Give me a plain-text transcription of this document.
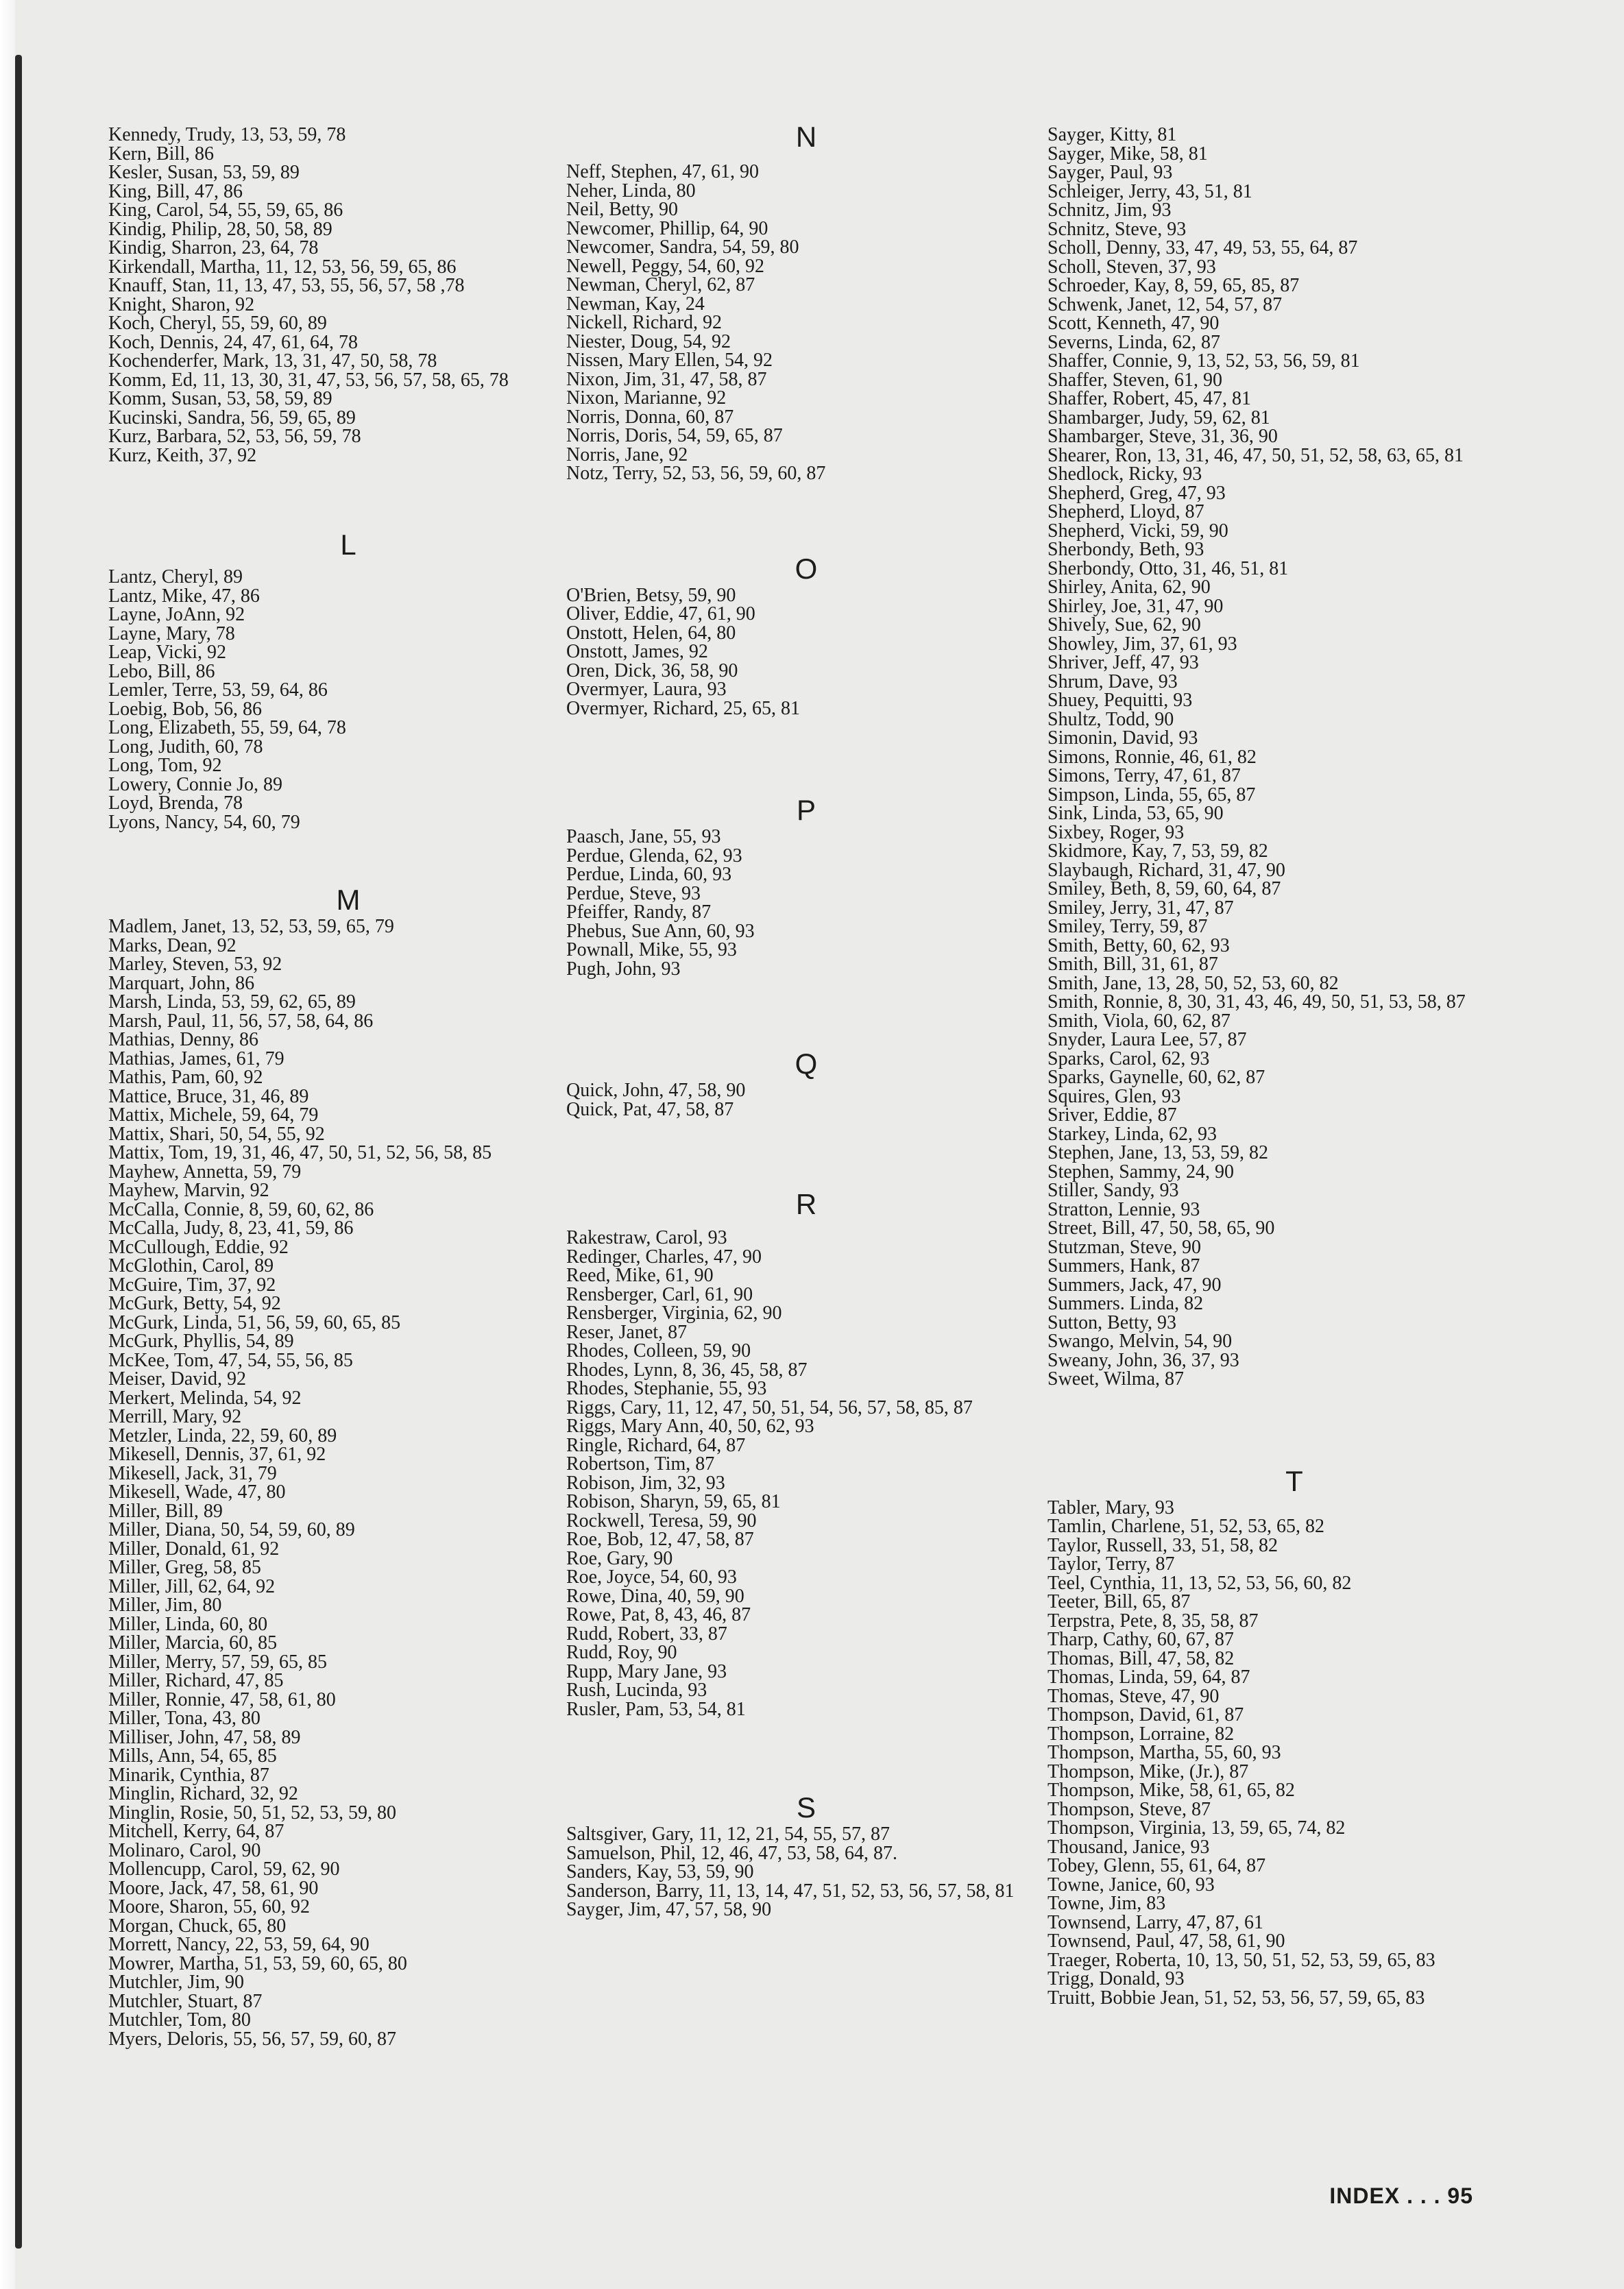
Kennedy, Trudy, 13, 53, 59, 78
Kern, Bill, 86
Kesler, Susan, 53, 59, 89
King, Bill, 47, 86
King, Carol, 54, 55, 59, 65, 86
Kindig, Philip, 28, 50, 58, 89
Kindig, Sharron, 23, 64, 78
Kirkendall, Martha, 11, 12, 53, 56, 59, 65, 86
Knauff, Stan, 11, 13, 47, 53, 55, 56, 57, 58 ,78
Knight, Sharon, 92
Koch, Cheryl, 55, 59, 60, 89
Koch, Dennis, 24, 47, 61, 64, 78
Kochenderfer, Mark, 13, 31, 47, 50, 58, 78
Komm, Ed, 11, 13, 30, 31, 47, 53, 56, 57, 58, 65, 78
Komm, Susan, 53, 58, 59, 89
Kucinski, Sandra, 56, 59, 65, 89
Kurz, Barbara, 52, 53, 56, 59, 78
Kurz, Keith, 37, 92
L
Lantz, Cheryl, 89
Lantz, Mike, 47, 86
Layne, JoAnn, 92
Layne, Mary, 78
Leap, Vicki, 92
Lebo, Bill, 86
Lemler, Terre, 53, 59, 64, 86
Loebig, Bob, 56, 86
Long, Elizabeth, 55, 59, 64, 78
Long, Judith, 60, 78
Long, Tom, 92
Lowery, Connie Jo, 89
Loyd, Brenda, 78
Lyons, Nancy, 54, 60, 79
M
Madlem, Janet, 13, 52, 53, 59, 65, 79
Marks, Dean, 92
Marley, Steven, 53, 92
Marquart, John, 86
Marsh, Linda, 53, 59, 62, 65, 89
Marsh, Paul, 11, 56, 57, 58, 64, 86
Mathias, Denny, 86
Mathias, James, 61, 79
Mathis, Pam, 60, 92
Mattice, Bruce, 31, 46, 89
Mattix, Michele, 59, 64, 79
Mattix, Shari, 50, 54, 55, 92
Mattix, Tom, 19, 31, 46, 47, 50, 51, 52, 56, 58, 85
Mayhew, Annetta, 59, 79
Mayhew, Marvin, 92
McCalla, Connie, 8, 59, 60, 62, 86
McCalla, Judy, 8, 23, 41, 59, 86
McCullough, Eddie, 92
McGlothin, Carol, 89
McGuire, Tim, 37, 92
McGurk, Betty, 54, 92
McGurk, Linda, 51, 56, 59, 60, 65, 85
McGurk, Phyllis, 54, 89
McKee, Tom, 47, 54, 55, 56, 85
Meiser, David, 92
Merkert, Melinda, 54, 92
Merrill, Mary, 92
Metzler, Linda, 22, 59, 60, 89
Mikesell, Dennis, 37, 61, 92
Mikesell, Jack, 31, 79
Mikesell, Wade, 47, 80
Miller, Bill, 89
Miller, Diana, 50, 54, 59, 60, 89
Miller, Donald, 61, 92
Miller, Greg, 58, 85
Miller, Jill, 62, 64, 92
Miller, Jim, 80
Miller, Linda, 60, 80
Miller, Marcia, 60, 85
Miller, Merry, 57, 59, 65, 85
Miller, Richard, 47, 85
Miller, Ronnie, 47, 58, 61, 80
Miller, Tona, 43, 80
Milliser, John, 47, 58, 89
Mills, Ann, 54, 65, 85
Minarik, Cynthia, 87
Minglin, Richard, 32, 92
Minglin, Rosie, 50, 51, 52, 53, 59, 80
Mitchell, Kerry, 64, 87
Molinaro, Carol, 90
Mollencupp, Carol, 59, 62, 90
Moore, Jack, 47, 58, 61, 90
Moore, Sharon, 55, 60, 92
Morgan, Chuck, 65, 80
Morrett, Nancy, 22, 53, 59, 64, 90
Mowrer, Martha, 51, 53, 59, 60, 65, 80
Mutchler, Jim, 90
Mutchler, Stuart, 87
Mutchler, Tom, 80
Myers, Deloris, 55, 56, 57, 59, 60, 87
N
Neff, Stephen, 47, 61, 90
Neher, Linda, 80
Neil, Betty, 90
Newcomer, Phillip, 64, 90
Newcomer, Sandra, 54, 59, 80
Newell, Peggy, 54, 60, 92
Newman, Cheryl, 62, 87
Newman, Kay, 24
Nickell, Richard, 92
Niester, Doug, 54, 92
Nissen, Mary Ellen, 54, 92
Nixon, Jim, 31, 47, 58, 87
Nixon, Marianne, 92
Norris, Donna, 60, 87
Norris, Doris, 54, 59, 65, 87
Norris, Jane, 92
Notz, Terry, 52, 53, 56, 59, 60, 87
O
O'Brien, Betsy, 59, 90
Oliver, Eddie, 47, 61, 90
Onstott, Helen, 64, 80
Onstott, James, 92
Oren, Dick, 36, 58, 90
Overmyer, Laura, 93
Overmyer, Richard, 25, 65, 81
P
Paasch, Jane, 55, 93
Perdue, Glenda, 62, 93
Perdue, Linda, 60, 93
Perdue, Steve, 93
Pfeiffer, Randy, 87
Phebus, Sue Ann, 60, 93
Pownall, Mike, 55, 93
Pugh, John, 93
Q
Quick, John, 47, 58, 90
Quick, Pat, 47, 58, 87
R
Rakestraw, Carol, 93
Redinger, Charles, 47, 90
Reed, Mike, 61, 90
Rensberger, Carl, 61, 90
Rensberger, Virginia, 62, 90
Reser, Janet, 87
Rhodes, Colleen, 59, 90
Rhodes, Lynn, 8, 36, 45, 58, 87
Rhodes, Stephanie, 55, 93
Riggs, Cary, 11, 12, 47, 50, 51, 54, 56, 57, 58, 85, 87
Riggs, Mary Ann, 40, 50, 62, 93
Ringle, Richard, 64, 87
Robertson, Tim, 87
Robison, Jim, 32, 93
Robison, Sharyn, 59, 65, 81
Rockwell, Teresa, 59, 90
Roe, Bob, 12, 47, 58, 87
Roe, Gary, 90
Roe, Joyce, 54, 60, 93
Rowe, Dina, 40, 59, 90
Rowe, Pat, 8, 43, 46, 87
Rudd, Robert, 33, 87
Rudd, Roy, 90
Rupp, Mary Jane, 93
Rush, Lucinda, 93
Rusler, Pam, 53, 54, 81
S
Saltsgiver, Gary, 11, 12, 21, 54, 55, 57, 87
Samuelson, Phil, 12, 46, 47, 53, 58, 64, 87.
Sanders, Kay, 53, 59, 90
Sanderson, Barry, 11, 13, 14, 47, 51, 52, 53, 56, 57, 58, 81
Sayger, Jim, 47, 57, 58, 90
Sayger, Kitty, 81
Sayger, Mike, 58, 81
Sayger, Paul, 93
Schleiger, Jerry, 43, 51, 81
Schnitz, Jim, 93
Schnitz, Steve, 93
Scholl, Denny, 33, 47, 49, 53, 55, 64, 87
Scholl, Steven, 37, 93
Schroeder, Kay, 8, 59, 65, 85, 87
Schwenk, Janet, 12, 54, 57, 87
Scott, Kenneth, 47, 90
Severns, Linda, 62, 87
Shaffer, Connie, 9, 13, 52, 53, 56, 59, 81
Shaffer, Steven, 61, 90
Shaffer, Robert, 45, 47, 81
Shambarger, Judy, 59, 62, 81
Shambarger, Steve, 31, 36, 90
Shearer, Ron, 13, 31, 46, 47, 50, 51, 52, 58, 63, 65, 81
Shedlock, Ricky, 93
Shepherd, Greg, 47, 93
Shepherd, Lloyd, 87
Shepherd, Vicki, 59, 90
Sherbondy, Beth, 93
Sherbondy, Otto, 31, 46, 51, 81
Shirley, Anita, 62, 90
Shirley, Joe, 31, 47, 90
Shively, Sue, 62, 90
Showley, Jim, 37, 61, 93
Shriver, Jeff, 47, 93
Shrum, Dave, 93
Shuey, Pequitti, 93
Shultz, Todd, 90
Simonin, David, 93
Simons, Ronnie, 46, 61, 82
Simons, Terry, 47, 61, 87
Simpson, Linda, 55, 65, 87
Sink, Linda, 53, 65, 90
Sixbey, Roger, 93
Skidmore, Kay, 7, 53, 59, 82
Slaybaugh, Richard, 31, 47, 90
Smiley, Beth, 8, 59, 60, 64, 87
Smiley, Jerry, 31, 47, 87
Smiley, Terry, 59, 87
Smith, Betty, 60, 62, 93
Smith, Bill, 31, 61, 87
Smith, Jane, 13, 28, 50, 52, 53, 60, 82
Smith, Ronnie, 8, 30, 31, 43, 46, 49, 50, 51, 53, 58, 87
Smith, Viola, 60, 62, 87
Snyder, Laura Lee, 57, 87
Sparks, Carol, 62, 93
Sparks, Gaynelle, 60, 62, 87
Squires, Glen, 93
Sriver, Eddie, 87
Starkey, Linda, 62, 93
Stephen, Jane, 13, 53, 59, 82
Stephen, Sammy, 24, 90
Stiller, Sandy, 93
Stratton, Lennie, 93
Street, Bill, 47, 50, 58, 65, 90
Stutzman, Steve, 90
Summers, Hank, 87
Summers, Jack, 47, 90
Summers. Linda, 82
Sutton, Betty, 93
Swango, Melvin, 54, 90
Sweany, John, 36, 37, 93
Sweet, Wilma, 87
T
Tabler, Mary, 93
Tamlin, Charlene, 51, 52, 53, 65, 82
Taylor, Russell, 33, 51, 58, 82
Taylor, Terry, 87
Teel, Cynthia, 11, 13, 52, 53, 56, 60, 82
Teeter, Bill, 65, 87
Terpstra, Pete, 8, 35, 58, 87
Tharp, Cathy, 60, 67, 87
Thomas, Bill, 47, 58, 82
Thomas, Linda, 59, 64, 87
Thomas, Steve, 47, 90
Thompson, David, 61, 87
Thompson, Lorraine, 82
Thompson, Martha, 55, 60, 93
Thompson, Mike, (Jr.), 87
Thompson, Mike, 58, 61, 65, 82
Thompson, Steve, 87
Thompson, Virginia, 13, 59, 65, 74, 82
Thousand, Janice, 93
Tobey, Glenn, 55, 61, 64, 87
Towne, Janice, 60, 93
Towne, Jim, 83
Townsend, Larry, 47, 87, 61
Townsend, Paul, 47, 58, 61, 90
Traeger, Roberta, 10, 13, 50, 51, 52, 53, 59, 65, 83
Trigg, Donald, 93
Truitt, Bobbie Jean, 51, 52, 53, 56, 57, 59, 65, 83
INDEX . . . 95
